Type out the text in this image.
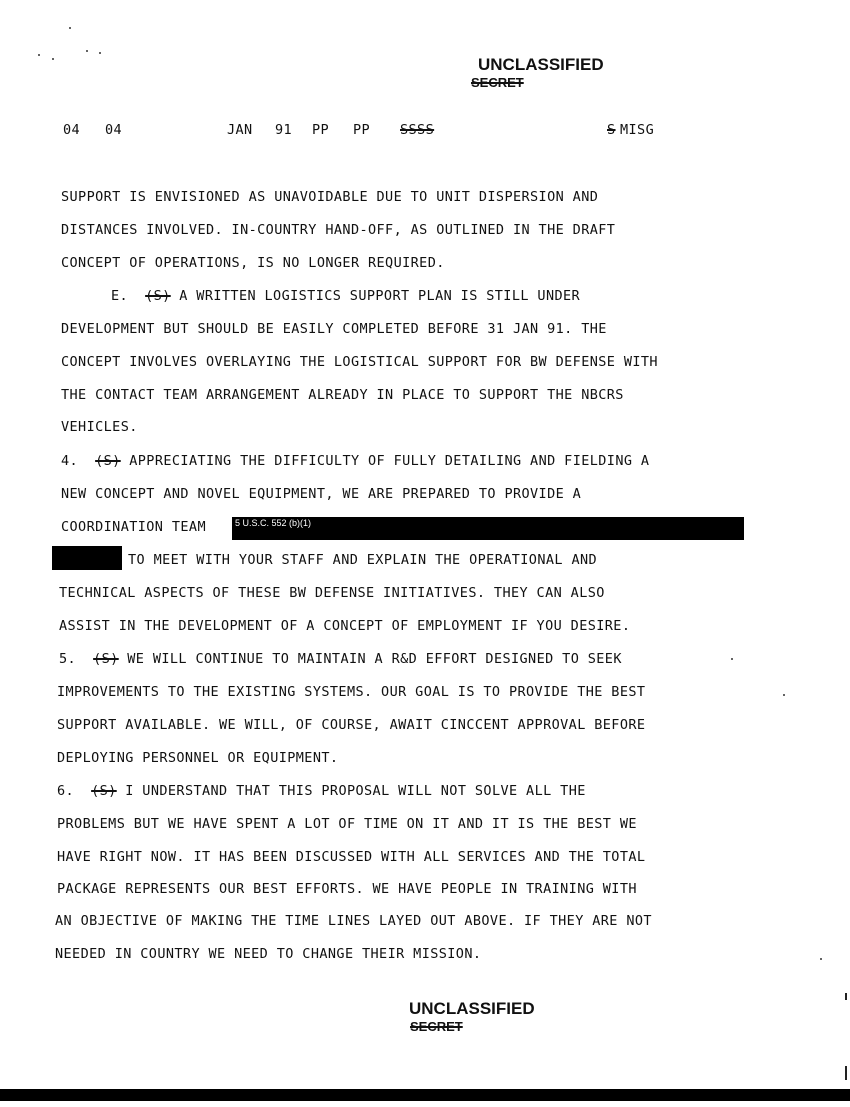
UNCLASSIFIED
SECRET
04 04	JAN 91 PP PP SSSS	S MISG
SUPPORT IS ENVISIONED AS UNAVOIDABLE DUE TO UNIT DISPERSION AND
DISTANCES INVOLVED. IN-COUNTRY HAND-OFF, AS OUTLINED IN THE DRAFT
CONCEPT OF OPERATIONS, IS NO LONGER REQUIRED.
E. (S) A WRITTEN LOGISTICS SUPPORT PLAN IS STILL UNDER
DEVELOPMENT BUT SHOULD BE EASILY COMPLETED BEFORE 31 JAN 91. THE
CONCEPT INVOLVES OVERLAYING THE LOGISTICAL SUPPORT FOR BW DEFENSE WITH
THE CONTACT TEAM ARRANGEMENT ALREADY IN PLACE TO SUPPORT THE NBCRS
VEHICLES.
4. (S) APPRECIATING THE DIFFICULTY OF FULLY DETAILING AND FIELDING A
NEW CONCEPT AND NOVEL EQUIPMENT, WE ARE PREPARED TO PROVIDE A
COORDINATION TEAM	5 U.S.C. 552 (b)(1)
TO MEET WITH YOUR STAFF AND EXPLAIN THE OPERATIONAL AND
TECHNICAL ASPECTS OF THESE BW DEFENSE INITIATIVES. THEY CAN ALSO
ASSIST IN THE DEVELOPMENT OF A CONCEPT OF EMPLOYMENT IF YOU DESIRE.
5. (S) WE WILL CONTINUE TO MAINTAIN A R&D EFFORT DESIGNED TO SEEK
IMPROVEMENTS TO THE EXISTING SYSTEMS. OUR GOAL IS TO PROVIDE THE BEST
SUPPORT AVAILABLE. WE WILL, OF COURSE, AWAIT CINCCENT APPROVAL BEFORE
DEPLOYING PERSONNEL OR EQUIPMENT.
6. (S) I UNDERSTAND THAT THIS PROPOSAL WILL NOT SOLVE ALL THE
PROBLEMS BUT WE HAVE SPENT A LOT OF TIME ON IT AND IT IS THE BEST WE
HAVE RIGHT NOW. IT HAS BEEN DISCUSSED WITH ALL SERVICES AND THE TOTAL
PACKAGE REPRESENTS OUR BEST EFFORTS. WE HAVE PEOPLE IN TRAINING WITH
AN OBJECTIVE OF MAKING THE TIME LINES LAYED OUT ABOVE. IF THEY ARE NOT
NEEDED IN COUNTRY WE NEED TO CHANGE THEIR MISSION.
UNCLASSIFIED
SECRET
